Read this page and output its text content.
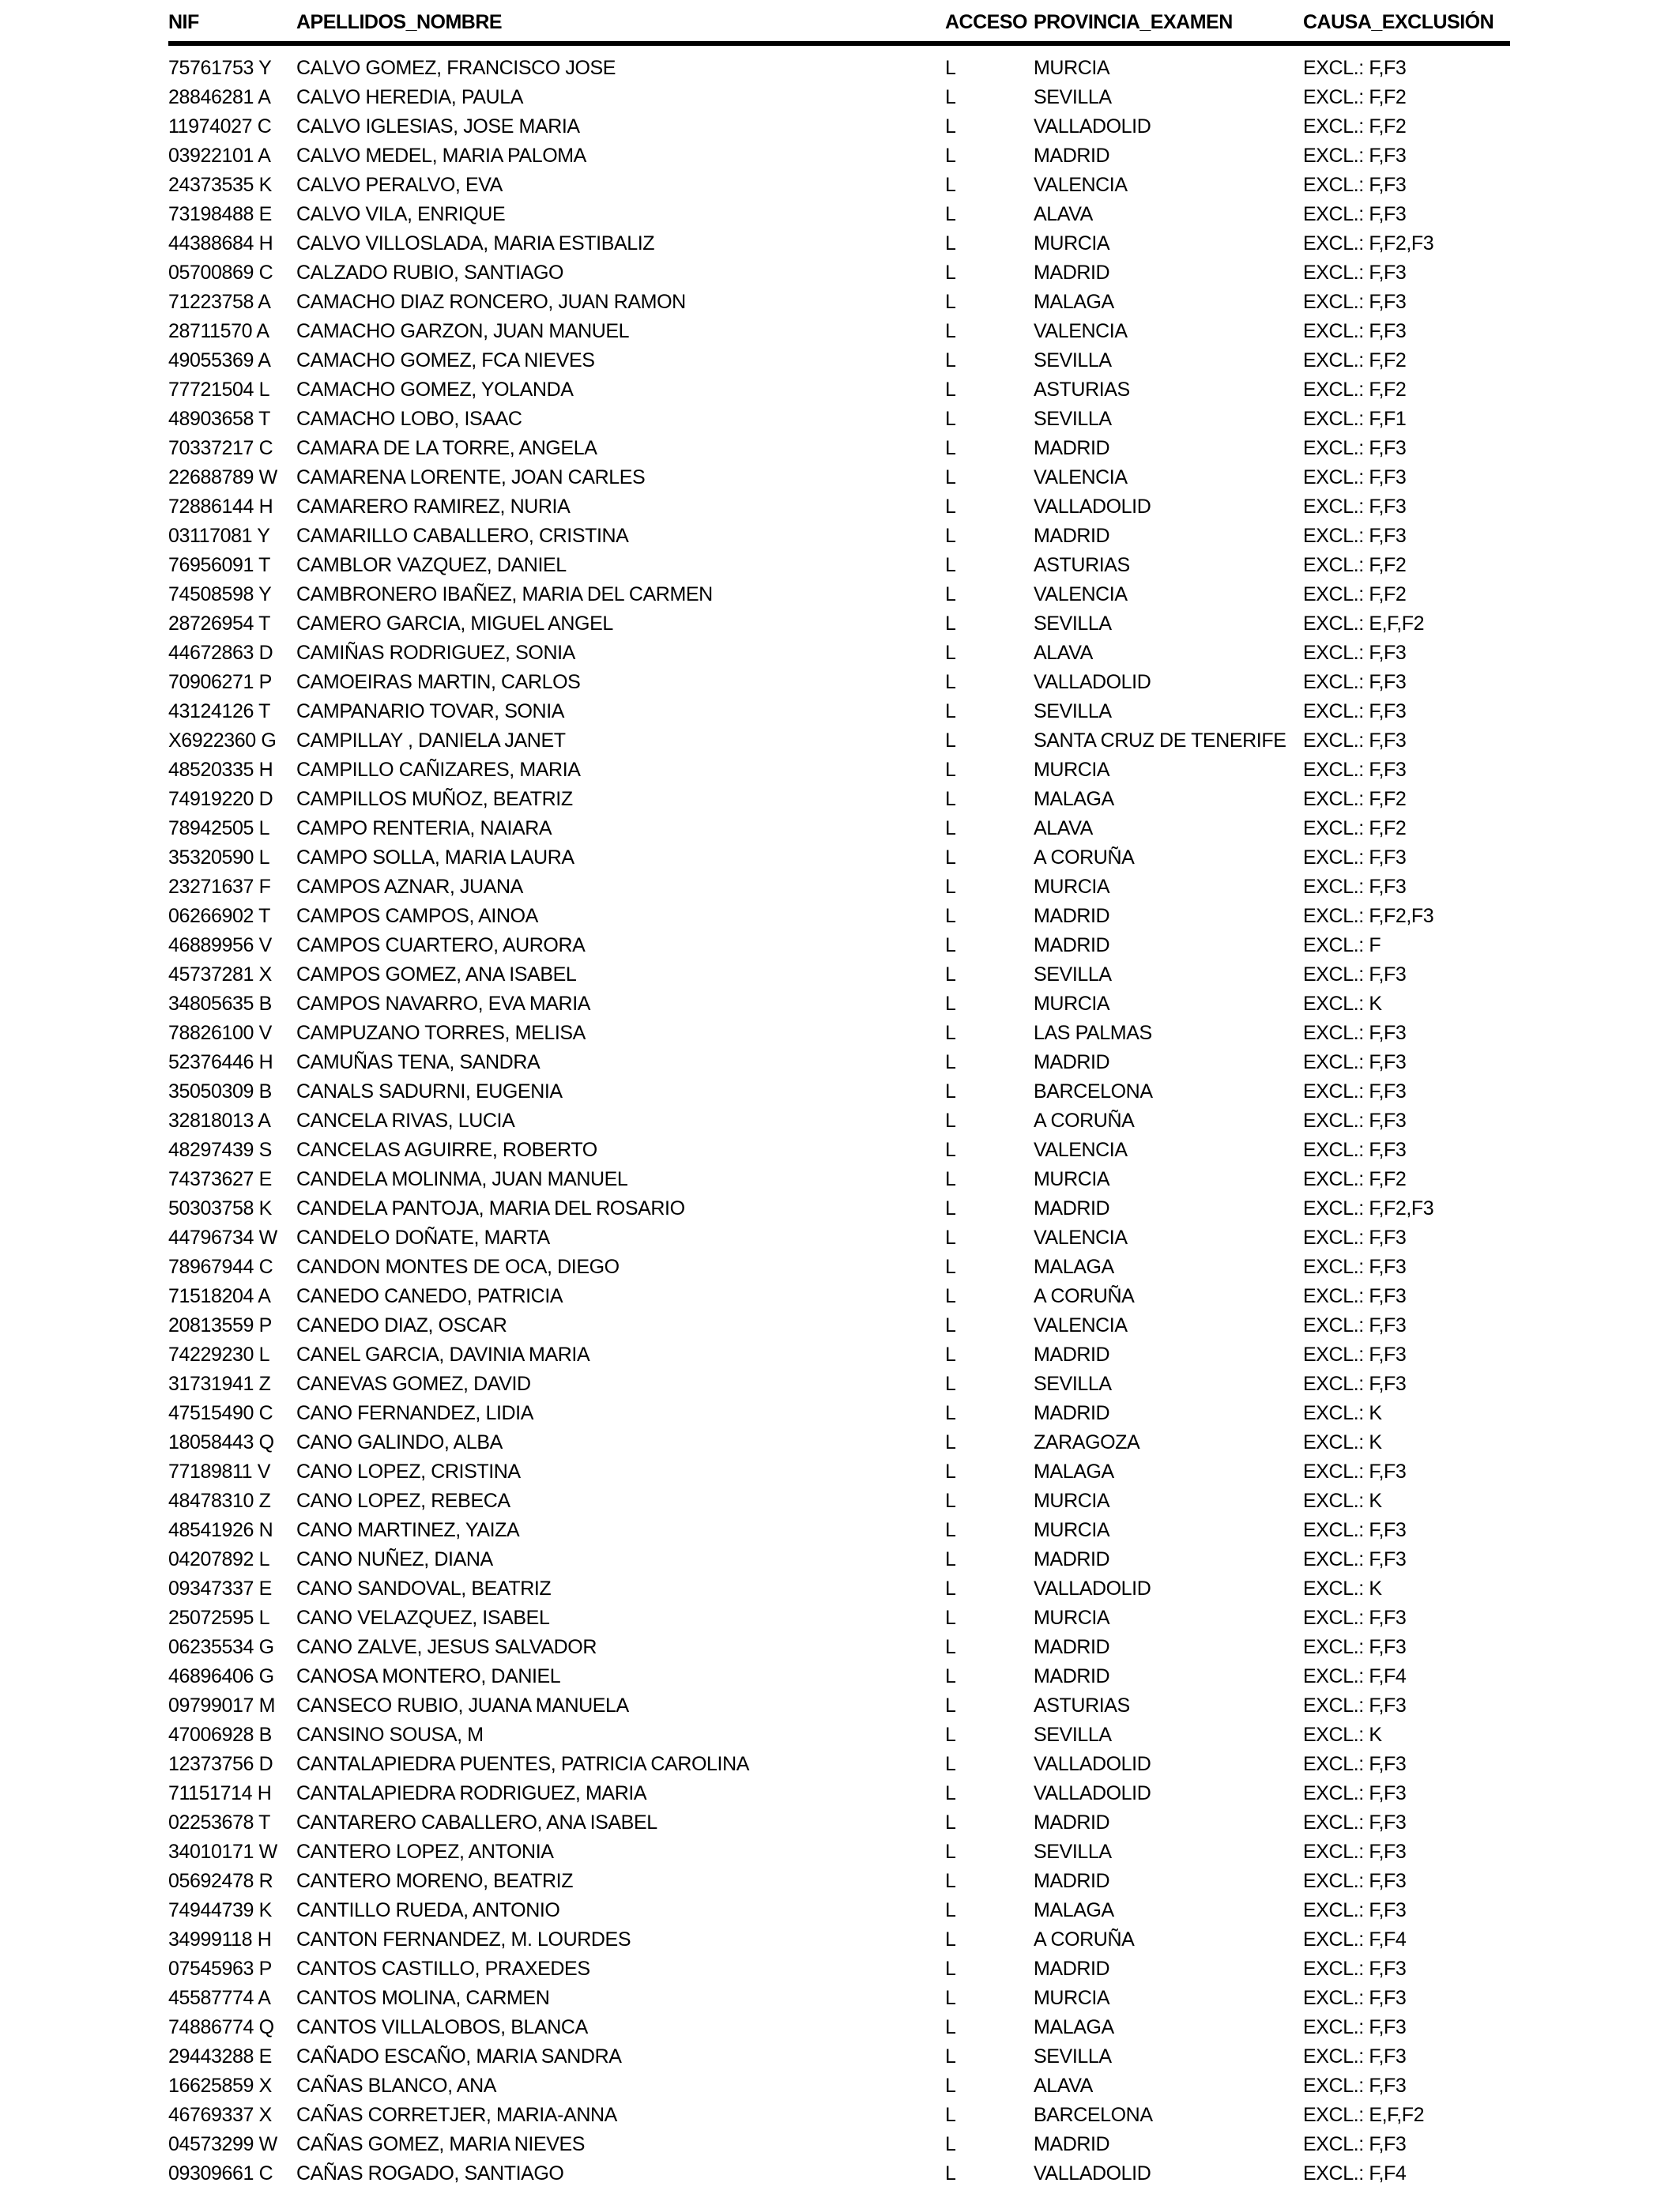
NIF	APELLIDOS_NOMBRE	ACCESO	PROVINCIA_EXAMEN	CAUSA_EXCLUSIÓN
75761753 Y	CALVO GOMEZ, FRANCISCO JOSE	L	MURCIA	EXCL.: F,F3
28846281 A	CALVO HEREDIA, PAULA	L	SEVILLA	EXCL.: F,F2
11974027 C	CALVO IGLESIAS, JOSE MARIA	L	VALLADOLID	EXCL.: F,F2
03922101 A	CALVO MEDEL, MARIA PALOMA	L	MADRID	EXCL.: F,F3
24373535 K	CALVO PERALVO, EVA	L	VALENCIA	EXCL.: F,F3
73198488 E	CALVO VILA, ENRIQUE	L	ALAVA	EXCL.: F,F3
44388684 H	CALVO VILLOSLADA, MARIA ESTIBALIZ	L	MURCIA	EXCL.: F,F2,F3
05700869 C	CALZADO RUBIO, SANTIAGO	L	MADRID	EXCL.: F,F3
71223758 A	CAMACHO DIAZ RONCERO, JUAN RAMON	L	MALAGA	EXCL.: F,F3
28711570 A	CAMACHO GARZON, JUAN MANUEL	L	VALENCIA	EXCL.: F,F3
49055369 A	CAMACHO GOMEZ, FCA NIEVES	L	SEVILLA	EXCL.: F,F2
77721504 L	CAMACHO GOMEZ, YOLANDA	L	ASTURIAS	EXCL.: F,F2
48903658 T	CAMACHO LOBO, ISAAC	L	SEVILLA	EXCL.: F,F1
70337217 C	CAMARA DE LA TORRE, ANGELA	L	MADRID	EXCL.: F,F3
22688789 W	CAMARENA LORENTE, JOAN CARLES	L	VALENCIA	EXCL.: F,F3
72886144 H	CAMARERO RAMIREZ, NURIA	L	VALLADOLID	EXCL.: F,F3
03117081 Y	CAMARILLO CABALLERO, CRISTINA	L	MADRID	EXCL.: F,F3
76956091 T	CAMBLOR VAZQUEZ, DANIEL	L	ASTURIAS	EXCL.: F,F2
74508598 Y	CAMBRONERO IBAÑEZ, MARIA DEL CARMEN	L	VALENCIA	EXCL.: F,F2
28726954 T	CAMERO GARCIA, MIGUEL ANGEL	L	SEVILLA	EXCL.: E,F,F2
44672863 D	CAMIÑAS RODRIGUEZ, SONIA	L	ALAVA	EXCL.: F,F3
70906271 P	CAMOEIRAS MARTIN, CARLOS	L	VALLADOLID	EXCL.: F,F3
43124126 T	CAMPANARIO TOVAR, SONIA	L	SEVILLA	EXCL.: F,F3
X6922360 G	CAMPILLAY , DANIELA JANET	L	SANTA CRUZ DE TENERIFE	EXCL.: F,F3
48520335 H	CAMPILLO CAÑIZARES, MARIA	L	MURCIA	EXCL.: F,F3
74919220 D	CAMPILLOS MUÑOZ, BEATRIZ	L	MALAGA	EXCL.: F,F2
78942505 L	CAMPO RENTERIA, NAIARA	L	ALAVA	EXCL.: F,F2
35320590 L	CAMPO SOLLA, MARIA LAURA	L	A CORUÑA	EXCL.: F,F3
23271637 F	CAMPOS AZNAR, JUANA	L	MURCIA	EXCL.: F,F3
06266902 T	CAMPOS CAMPOS, AINOA	L	MADRID	EXCL.: F,F2,F3
46889956 V	CAMPOS CUARTERO, AURORA	L	MADRID	EXCL.: F
45737281 X	CAMPOS GOMEZ, ANA ISABEL	L	SEVILLA	EXCL.: F,F3
34805635 B	CAMPOS NAVARRO, EVA MARIA	L	MURCIA	EXCL.: K
78826100 V	CAMPUZANO TORRES, MELISA	L	LAS PALMAS	EXCL.: F,F3
52376446 H	CAMUÑAS TENA, SANDRA	L	MADRID	EXCL.: F,F3
35050309 B	CANALS SADURNI, EUGENIA	L	BARCELONA	EXCL.: F,F3
32818013 A	CANCELA RIVAS, LUCIA	L	A CORUÑA	EXCL.: F,F3
48297439 S	CANCELAS AGUIRRE, ROBERTO	L	VALENCIA	EXCL.: F,F3
74373627 E	CANDELA MOLINMA, JUAN MANUEL	L	MURCIA	EXCL.: F,F2
50303758 K	CANDELA PANTOJA, MARIA DEL ROSARIO	L	MADRID	EXCL.: F,F2,F3
44796734 W	CANDELO DOÑATE, MARTA	L	VALENCIA	EXCL.: F,F3
78967944 C	CANDON MONTES DE OCA, DIEGO	L	MALAGA	EXCL.: F,F3
71518204 A	CANEDO CANEDO, PATRICIA	L	A CORUÑA	EXCL.: F,F3
20813559 P	CANEDO DIAZ, OSCAR	L	VALENCIA	EXCL.: F,F3
74229230 L	CANEL GARCIA, DAVINIA MARIA	L	MADRID	EXCL.: F,F3
31731941 Z	CANEVAS GOMEZ, DAVID	L	SEVILLA	EXCL.: F,F3
47515490 C	CANO FERNANDEZ, LIDIA	L	MADRID	EXCL.: K
18058443 Q	CANO GALINDO, ALBA	L	ZARAGOZA	EXCL.: K
77189811 V	CANO LOPEZ, CRISTINA	L	MALAGA	EXCL.: F,F3
48478310 Z	CANO LOPEZ, REBECA	L	MURCIA	EXCL.: K
48541926 N	CANO MARTINEZ, YAIZA	L	MURCIA	EXCL.: F,F3
04207892 L	CANO NUÑEZ, DIANA	L	MADRID	EXCL.: F,F3
09347337 E	CANO SANDOVAL, BEATRIZ	L	VALLADOLID	EXCL.: K
25072595 L	CANO VELAZQUEZ, ISABEL	L	MURCIA	EXCL.: F,F3
06235534 G	CANO ZALVE, JESUS SALVADOR	L	MADRID	EXCL.: F,F3
46896406 G	CANOSA MONTERO, DANIEL	L	MADRID	EXCL.: F,F4
09799017 M	CANSECO RUBIO, JUANA MANUELA	L	ASTURIAS	EXCL.: F,F3
47006928 B	CANSINO SOUSA, M	L	SEVILLA	EXCL.: K
12373756 D	CANTALAPIEDRA PUENTES, PATRICIA CAROLINA	L	VALLADOLID	EXCL.: F,F3
71151714 H	CANTALAPIEDRA RODRIGUEZ, MARIA	L	VALLADOLID	EXCL.: F,F3
02253678 T	CANTARERO CABALLERO, ANA ISABEL	L	MADRID	EXCL.: F,F3
34010171 W	CANTERO LOPEZ, ANTONIA	L	SEVILLA	EXCL.: F,F3
05692478 R	CANTERO MORENO, BEATRIZ	L	MADRID	EXCL.: F,F3
74944739 K	CANTILLO RUEDA, ANTONIO	L	MALAGA	EXCL.: F,F3
34999118 H	CANTON FERNANDEZ, M. LOURDES	L	A CORUÑA	EXCL.: F,F4
07545963 P	CANTOS CASTILLO, PRAXEDES	L	MADRID	EXCL.: F,F3
45587774 A	CANTOS MOLINA, CARMEN	L	MURCIA	EXCL.: F,F3
74886774 Q	CANTOS VILLALOBOS, BLANCA	L	MALAGA	EXCL.: F,F3
29443288 E	CAÑADO ESCAÑO, MARIA SANDRA	L	SEVILLA	EXCL.: F,F3
16625859 X	CAÑAS BLANCO, ANA	L	ALAVA	EXCL.: F,F3
46769337 X	CAÑAS CORRETJER, MARIA-ANNA	L	BARCELONA	EXCL.: E,F,F2
04573299 W	CAÑAS GOMEZ, MARIA NIEVES	L	MADRID	EXCL.: F,F3
09309661 C	CAÑAS ROGADO, SANTIAGO	L	VALLADOLID	EXCL.: F,F4
